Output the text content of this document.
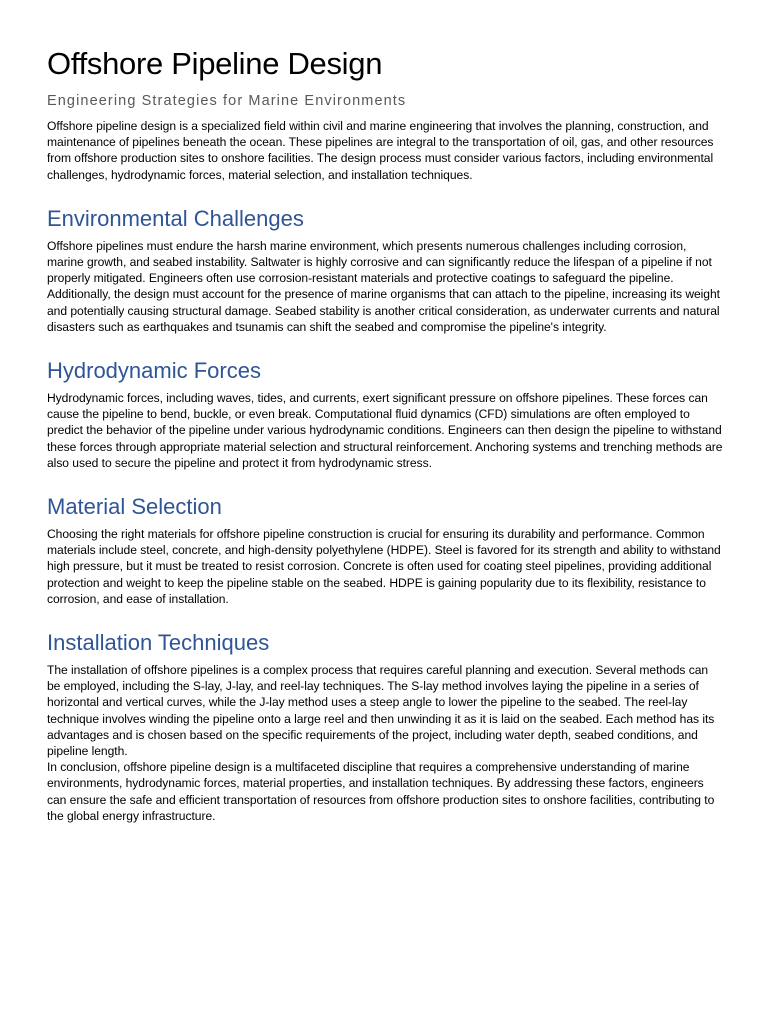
Offshore Pipeline Design
Engineering Strategies for Marine Environments

Offshore pipeline design is a specialized field within civil and marine engineering that involves the planning, construction, and maintenance of pipelines beneath the ocean. These pipelines are integral to the transportation of oil, gas, and other resources from offshore production sites to onshore facilities. The design process must consider various factors, including environmental challenges, hydrodynamic forces, material selection, and installation techniques.

Environmental Challenges

Offshore pipelines must endure the harsh marine environment, which presents numerous challenges including corrosion, marine growth, and seabed instability. Saltwater is highly corrosive and can significantly reduce the lifespan of a pipeline if not properly mitigated. Engineers often use corrosion-resistant materials and protective coatings to safeguard the pipeline. Additionally, the design must account for the presence of marine organisms that can attach to the pipeline, increasing its weight and potentially causing structural damage. Seabed stability is another critical consideration, as underwater currents and natural disasters such as earthquakes and tsunamis can shift the seabed and compromise the pipeline's integrity.

Hydrodynamic Forces

Hydrodynamic forces, including waves, tides, and currents, exert significant pressure on offshore pipelines. These forces can cause the pipeline to bend, buckle, or even break. Computational fluid dynamics (CFD) simulations are often employed to predict the behavior of the pipeline under various hydrodynamic conditions. Engineers can then design the pipeline to withstand these forces through appropriate material selection and structural reinforcement. Anchoring systems and trenching methods are also used to secure the pipeline and protect it from hydrodynamic stress.

Material Selection

Choosing the right materials for offshore pipeline construction is crucial for ensuring its durability and performance. Common materials include steel, concrete, and high-density polyethylene (HDPE). Steel is favored for its strength and ability to withstand high pressure, but it must be treated to resist corrosion. Concrete is often used for coating steel pipelines, providing additional protection and weight to keep the pipeline stable on the seabed. HDPE is gaining popularity due to its flexibility, resistance to corrosion, and ease of installation.

Installation Techniques

The installation of offshore pipelines is a complex process that requires careful planning and execution. Several methods can be employed, including the S-lay, J-lay, and reel-lay techniques. The S-lay method involves laying the pipeline in a series of horizontal and vertical curves, while the J-lay method uses a steep angle to lower the pipeline to the seabed. The reel-lay technique involves winding the pipeline onto a large reel and then unwinding it as it is laid on the seabed. Each method has its advantages and is chosen based on the specific requirements of the project, including water depth, seabed conditions, and pipeline length.

In conclusion, offshore pipeline design is a multifaceted discipline that requires a comprehensive understanding of marine environments, hydrodynamic forces, material properties, and installation techniques. By addressing these factors, engineers can ensure the safe and efficient transportation of resources from offshore production sites to onshore facilities, contributing to the global energy infrastructure.
